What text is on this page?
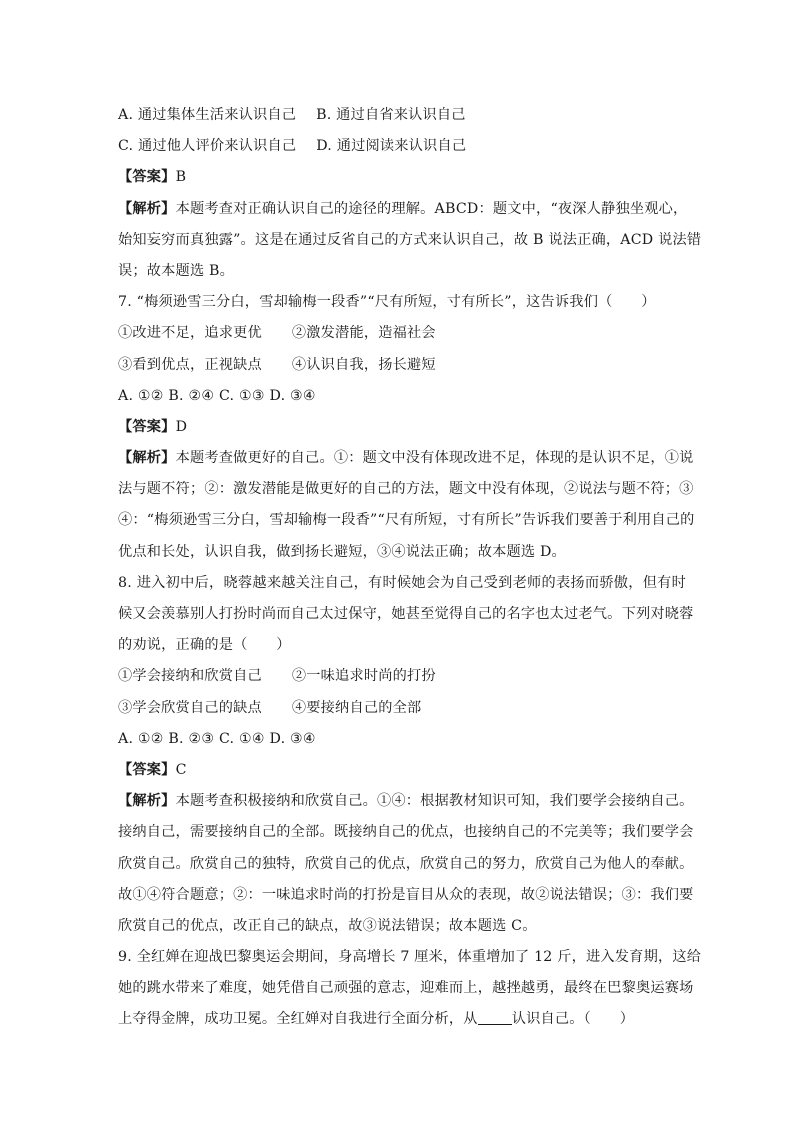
A. 通过集体生活来认识自己 B. 通过自省来认识自己
C. 通过他人评价来认识自己 D. 通过阅读来认识自己
【答案】B
【解析】本题考查对正确认识自己的途径的理解。ABCD：题文中，“夜深人静独坐观心，
始知妄穷而真独露”。这是在通过反省自己的方式来认识自己，故 B 说法正确，ACD 说法错
误；故本题选 B。
7. “梅须逊雪三分白，雪却输梅一段香”“尺有所短，寸有所长”，这告诉我们（　　）
①改进不足，追求更优 ②激发潜能，造福社会
③看到优点，正视缺点 ④认识自我，扬长避短
A. ①② B. ②④ C. ①③ D. ③④
【答案】D
【解析】本题考查做更好的自己。①：题文中没有体现改进不足，体现的是认识不足，①说
法与题不符；②：激发潜能是做更好的自己的方法，题文中没有体现，②说法与题不符；③
④：“梅须逊雪三分白，雪却输梅一段香”“尺有所短，寸有所长”告诉我们要善于利用自己的
优点和长处，认识自我，做到扬长避短，③④说法正确；故本题选 D。
8. 进入初中后，晓蓉越来越关注自己，有时候她会为自己受到老师的表扬而骄傲，但有时
候又会羡慕别人打扮时尚而自己太过保守，她甚至觉得自己的名字也太过老气。下列对晓蓉
的劝说，正确的是（　　）
①学会接纳和欣赏自己 ②一味追求时尚的打扮
③学会欣赏自己的缺点 ④要接纳自己的全部
A. ①② B. ②③ C. ①④ D. ③④
【答案】C
【解析】本题考查积极接纳和欣赏自己。①④：根据教材知识可知，我们要学会接纳自己。
接纳自己，需要接纳自己的全部。既接纳自己的优点，也接纳自己的不完美等；我们要学会
欣赏自己。欣赏自己的独特，欣赏自己的优点，欣赏自己的努力，欣赏自己为他人的奉献。
故①④符合题意；②：一味追求时尚的打扮是盲目从众的表现，故②说法错误；③：我们要
欣赏自己的优点，改正自己的缺点，故③说法错误；故本题选 C。
9. 全红婵在迎战巴黎奥运会期间，身高增长 7 厘米，体重增加了 12 斤，进入发育期，这给
她的跳水带来了难度，她凭借自己顽强的意志，迎难而上，越挫越勇，最终在巴黎奥运赛场
上夺得金牌，成功卫冕。全红婵对自我进行全面分析，从 认识自己。（　　）
